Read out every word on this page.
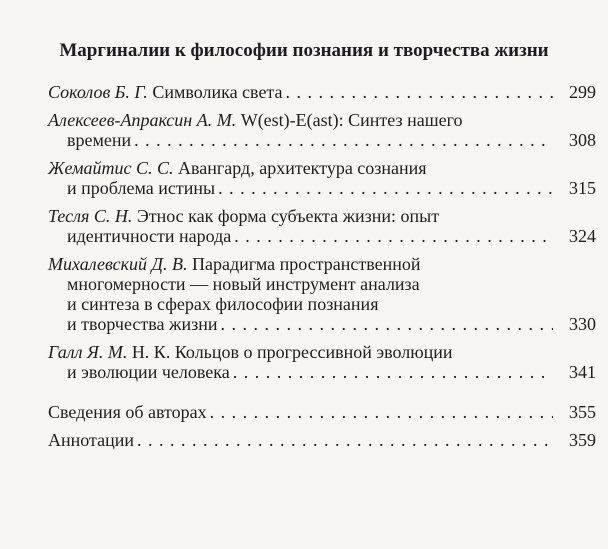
Маргиналии к философии познания и творчества жизни
Соколов Б. Г. Символика света . . .	299
Алексеев-Апраксин А. М. W(est)-E(ast): Синтез нашего
времени . . .	308
Жемайтис С. С. Авангард, архитектура сознания
и проблема истины . . .	315
Тесля С. Н. Этнос как форма субъекта жизни: опыт
идентичности народа . . .	324
Михалевский Д. В. Парадигма пространственной
многомерности — новый инструмент анализа
и синтеза в сферах философии познания
и творчества жизни . . .	330
Галл Я. М. Н. К. Кольцов о прогрессивной эволюции
и эволюции человека . . .	341
Сведения об авторах . . .	355
Аннотации . . .	359
